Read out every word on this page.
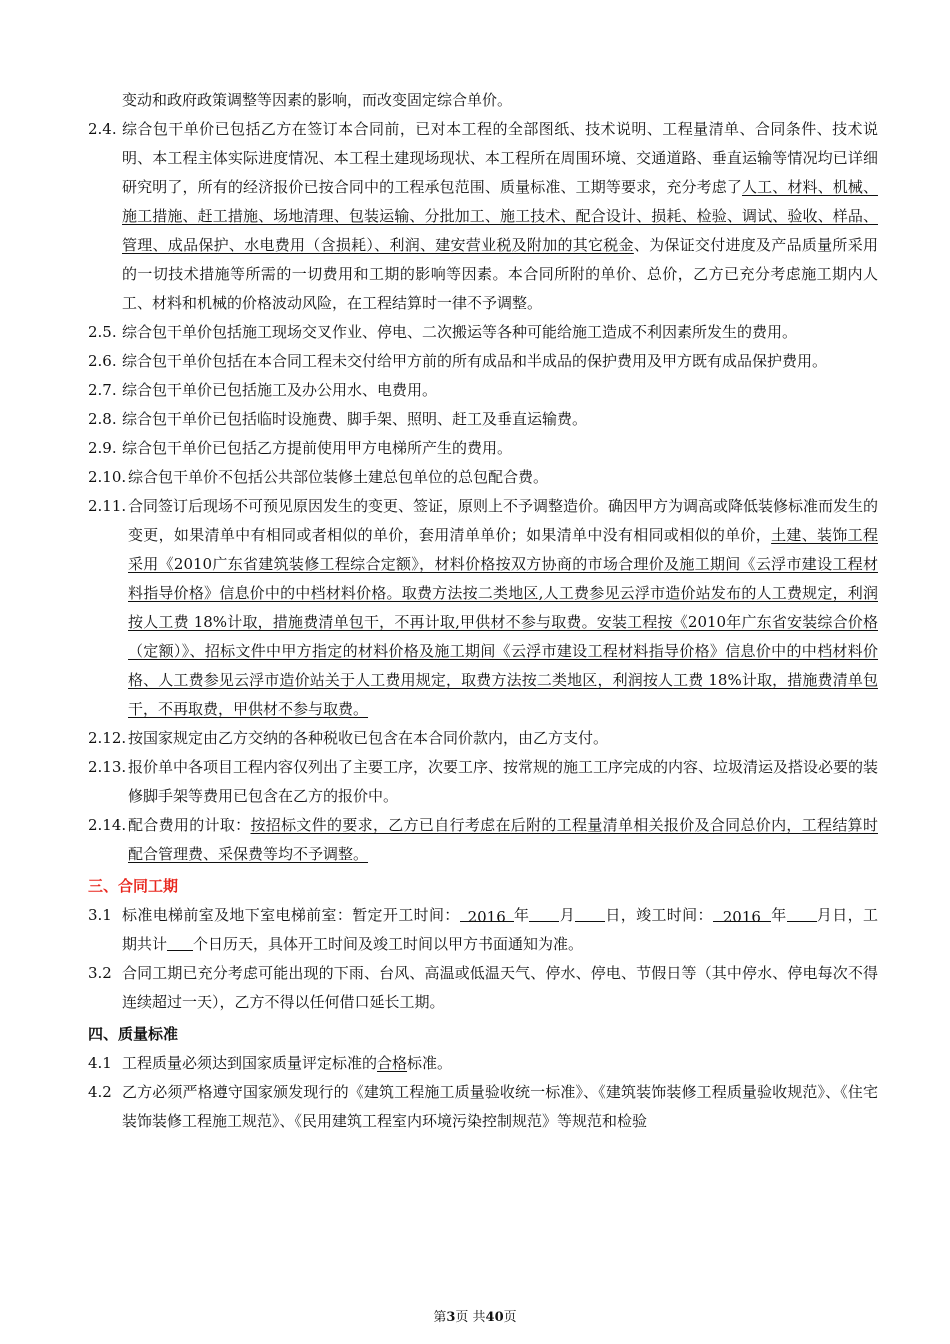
变动和政府政策调整等因素的影响，而改变固定综合单价。
2.4. 综合包干单价已包括乙方在签订本合同前，已对本工程的全部图纸、技术说明、工程量清单、合同条件、技术说明、本工程主体实际进度情况、本工程土建现场现状、本工程所在周围环境、交通道路、垂直运输等情况均已详细研究明了，所有的经济报价已按合同中的工程承包范围、质量标准、工期等要求，充分考虑了人工、材料、机械、施工措施、赶工措施、场地清理、包装运输、分批加工、施工技术、配合设计、损耗、检验、调试、验收、样品、管理、成品保护、水电费用（含损耗）、利润、建安营业税及附加的其它税金、为保证交付进度及产品质量所采用的一切技术措施等所需的一切费用和工期的影响等因素。本合同所附的单价、总价，乙方已充分考虑施工期内人工、材料和机械的价格波动风险，在工程结算时一律不予调整。
2.5. 综合包干单价包括施工现场交叉作业、停电、二次搬运等各种可能给施工造成不利因素所发生的费用。
2.6. 综合包干单价包括在本合同工程未交付给甲方前的所有成品和半成品的保护费用及甲方既有成品保护费用。
2.7. 综合包干单价已包括施工及办公用水、电费用。
2.8. 综合包干单价已包括临时设施费、脚手架、照明、赶工及垂直运输费。
2.9. 综合包干单价已包括乙方提前使用甲方电梯所产生的费用。
2.10. 综合包干单价不包括公共部位装修土建总包单位的总包配合费。
2.11. 合同签订后现场不可预见原因发生的变更、签证，原则上不予调整造价。确因甲方为调高或降低装修标准而发生的变更，如果清单中有相同或者相似的单价，套用清单单价；如果清单中没有相同或相似的单价，土建、装饰工程采用《2010广东省建筑装修工程综合定额》，材料价格按双方协商的市场合理价及施工期间《云浮市建设工程材料指导价格》信息价中的中档材料价格。取费方法按二类地区,人工费参见云浮市造价站发布的人工费规定，利润按人工费 18%计取，措施费清单包干，不再计取,甲供材不参与取费。安装工程按《2010年广东省安装综合价格（定额）》、招标文件中甲方指定的材料价格及施工期间《云浮市建设工程材料指导价格》信息价中的中档材料价格、人工费参见云浮市造价站关于人工费用规定，取费方法按二类地区，利润按人工费 18%计取，措施费清单包干，不再取费，甲供材不参与取费。
2.12. 按国家规定由乙方交纳的各种税收已包含在本合同价款内，由乙方支付。
2.13. 报价单中各项目工程内容仅列出了主要工序，次要工序、按常规的施工工序完成的内容、垃圾清运及搭设必要的装修脚手架等费用已包含在乙方的报价中。
2.14. 配合费用的计取：按招标文件的要求，乙方已自行考虑在后附的工程量清单相关报价及合同总价内，工程结算时配合管理费、采保费等均不予调整。
三、合同工期
3.1 标准电梯前室及地下室电梯前室：暂定开工时间： 2016 年 月 日，竣工时间： 2016 年 月日，工期共计 个日历天，具体开工时间及竣工时间以甲方书面通知为准。
3.2 合同工期已充分考虑可能出现的下雨、台风、高温或低温天气、停水、停电、节假日等（其中停水、停电每次不得连续超过一天），乙方不得以任何借口延长工期。
四、质量标准
4.1 工程质量必须达到国家质量评定标准的合格标准。
4.2 乙方必须严格遵守国家颁发现行的《建筑工程施工质量验收统一标准》、《建筑装饰装修工程质量验收规范》、《住宅装饰装修工程施工规范》、《民用建筑工程室内环境污染控制规范》等规范和检验
第3页 共40页
